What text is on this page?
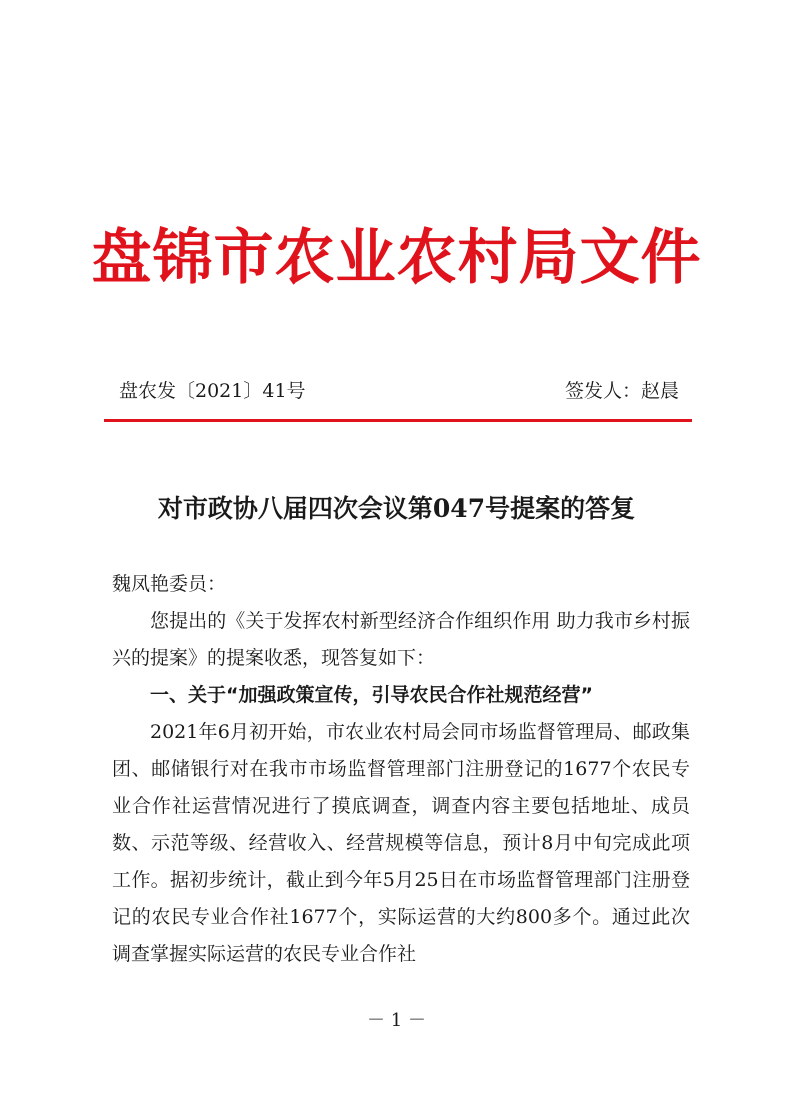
盘锦市农业农村局文件
盘农发〔2021〕41号	签发人：赵晨
对市政协八届四次会议第047号提案的答复

魏凤艳委员：

您提出的《关于发挥农村新型经济合作组织作用 助力我市乡村振兴的提案》的提案收悉，现答复如下：

一、关于“加强政策宣传，引导农民合作社规范经营”

2021年6月初开始，市农业农村局会同市场监督管理局、邮政集团、邮储银行对在我市市场监督管理部门注册登记的1677个农民专业合作社运营情况进行了摸底调查，调查内容主要包括地址、成员数、示范等级、经营收入、经营规模等信息，预计8月中旬完成此项工作。据初步统计，截止到今年5月25日在市场监督管理部门注册登记的农民专业合作社1677个，实际运营的大约800多个。通过此次调查掌握实际运营的农民专业合作社

－ 1 －
